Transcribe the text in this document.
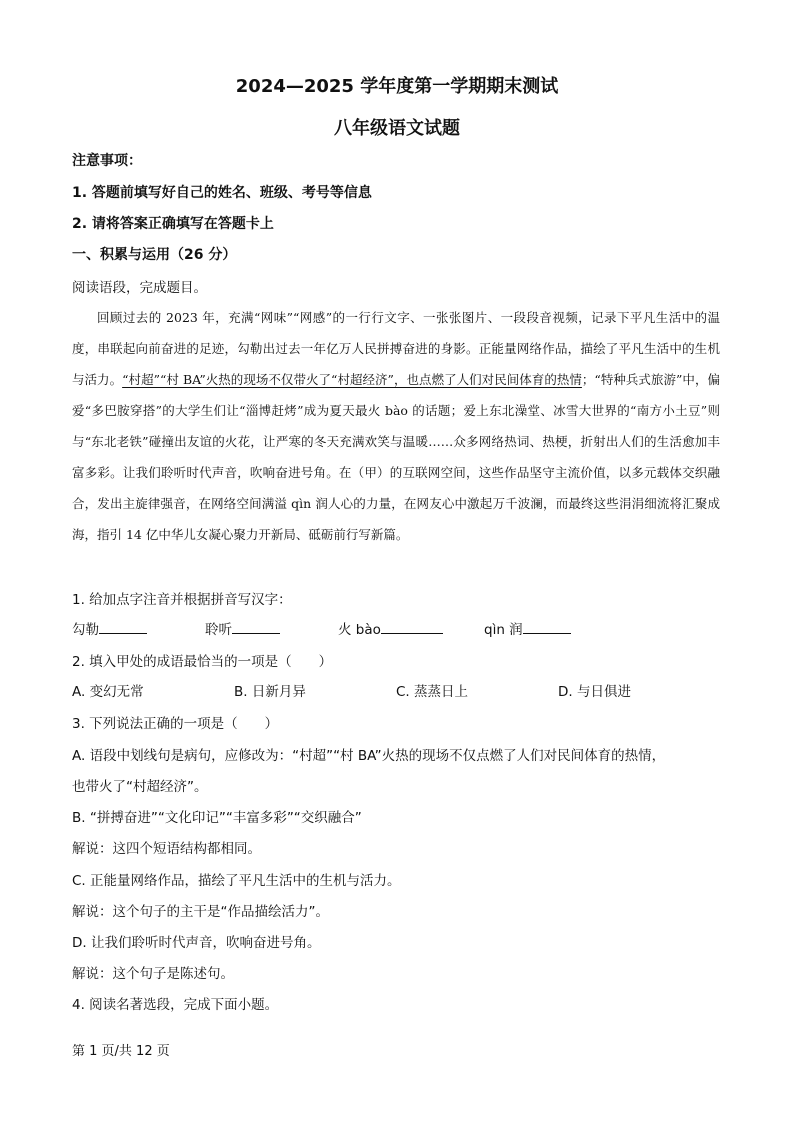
2024—2025 学年度第一学期期末测试
八年级语文试题
注意事项：
1. 答题前填写好自己的姓名、班级、考号等信息
2. 请将答案正确填写在答题卡上
一、积累与运用（26 分）
阅读语段，完成题目。

回顾过去的 2023 年，充满“网味”“网感”的一行行文字、一张张图片、一段段音视频，记录下平凡生活中的温度，串联起向前奋进的足迹，勾勒出过去一年亿万人民拼搏奋进的身影。正能量网络作品，描绘了平凡生活中的生机与活力。“村超”“村 BA”火热的现场不仅带火了“村超经济”，也点燃了人们对民间体育的热情；“特种兵式旅游”中，偏爱“多巴胺穿搭”的大学生们让“淄博赶烤”成为夏天最火 bào 的话题；爱上东北澡堂、冰雪大世界的“南方小土豆”则与“东北老铁”碰撞出友谊的火花，让严寒的冬天充满欢笑与温暖……众多网络热词、热梗，折射出人们的生活愈加丰富多彩。让我们聆听时代声音，吹响奋进号角。在（甲）的互联网空间，这些作品坚守主流价值，以多元载体交织融合，发出主旋律强音，在网络空间满溢 qìn 润人心的力量，在网友心中激起万千波澜，而最终这些涓涓细流将汇聚成海，指引 14 亿中华儿女凝心聚力开新局、砥砺前行写新篇。

1. 给加点字注音并根据拼音写汉字：
勾勒	聆听	火 bào	qìn 润
2. 填入甲处的成语最恰当的一项是（　　）
A. 变幻无常	B. 日新月异	C. 蒸蒸日上	D. 与日俱进
3. 下列说法正确的一项是（　　）
A. 语段中划线句是病句，应修改为：“村超”“村 BA”火热的现场不仅点燃了人们对民间体育的热情，
也带火了“村超经济”。
B. “拼搏奋进”“文化印记”“丰富多彩”“交织融合”
解说：这四个短语结构都相同。
C. 正能量网络作品，描绘了平凡生活中的生机与活力。
解说：这个句子的主干是“作品描绘活力”。
D. 让我们聆听时代声音，吹响奋进号角。
解说：这个句子是陈述句。
4. 阅读名著选段，完成下面小题。
第 1 页/共 12 页
